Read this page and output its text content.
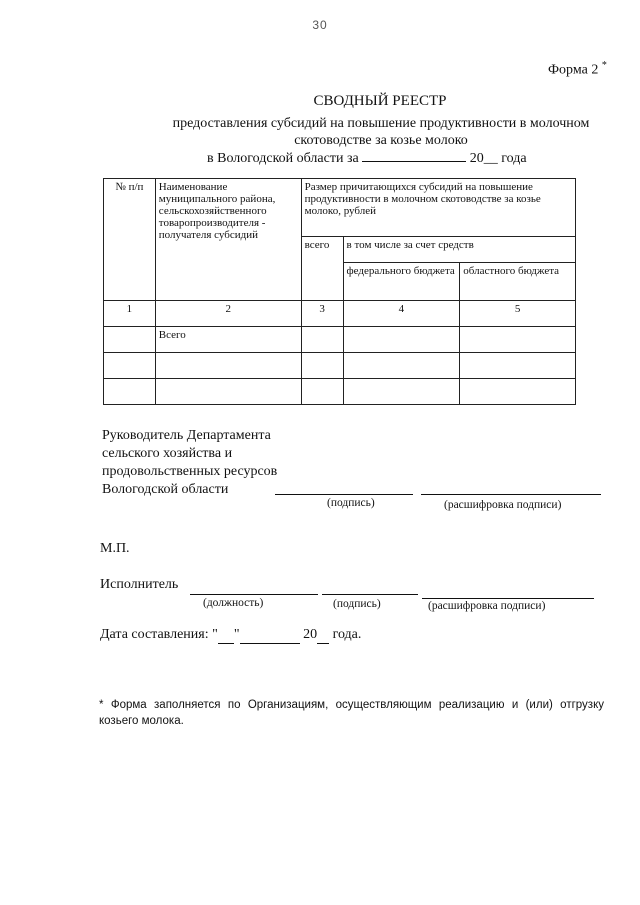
30
Форма 2 *
СВОДНЫЙ РЕЕСТР
предоставления субсидий на повышение продуктивности в молочном скотоводстве за козье молоко
в Вологодской области за	20__ года
№ п/п	Наименование муниципального района, сельскохозяйственного товаропроизводителя - получателя субсидий	Размер причитающихся субсидий на повышение продуктивности в молочном скотоводстве за козье молоко, рублей		
		всего	в том числе за счет средств	
			федерального бюджета	областного бюджета
1	2	3	4	5
	Всего			

Руководитель Департамента сельского хозяйства и продовольственных ресурсов Вологодской области
(подпись)	(расшифровка подписи)
М.П.
Исполнитель
(должность)	(подпись)	(расшифровка подписи)
Дата составления: " "	20 года.
* Форма заполняется по Организациям, осуществляющим реализацию и (или) отгрузку козьего молока.
